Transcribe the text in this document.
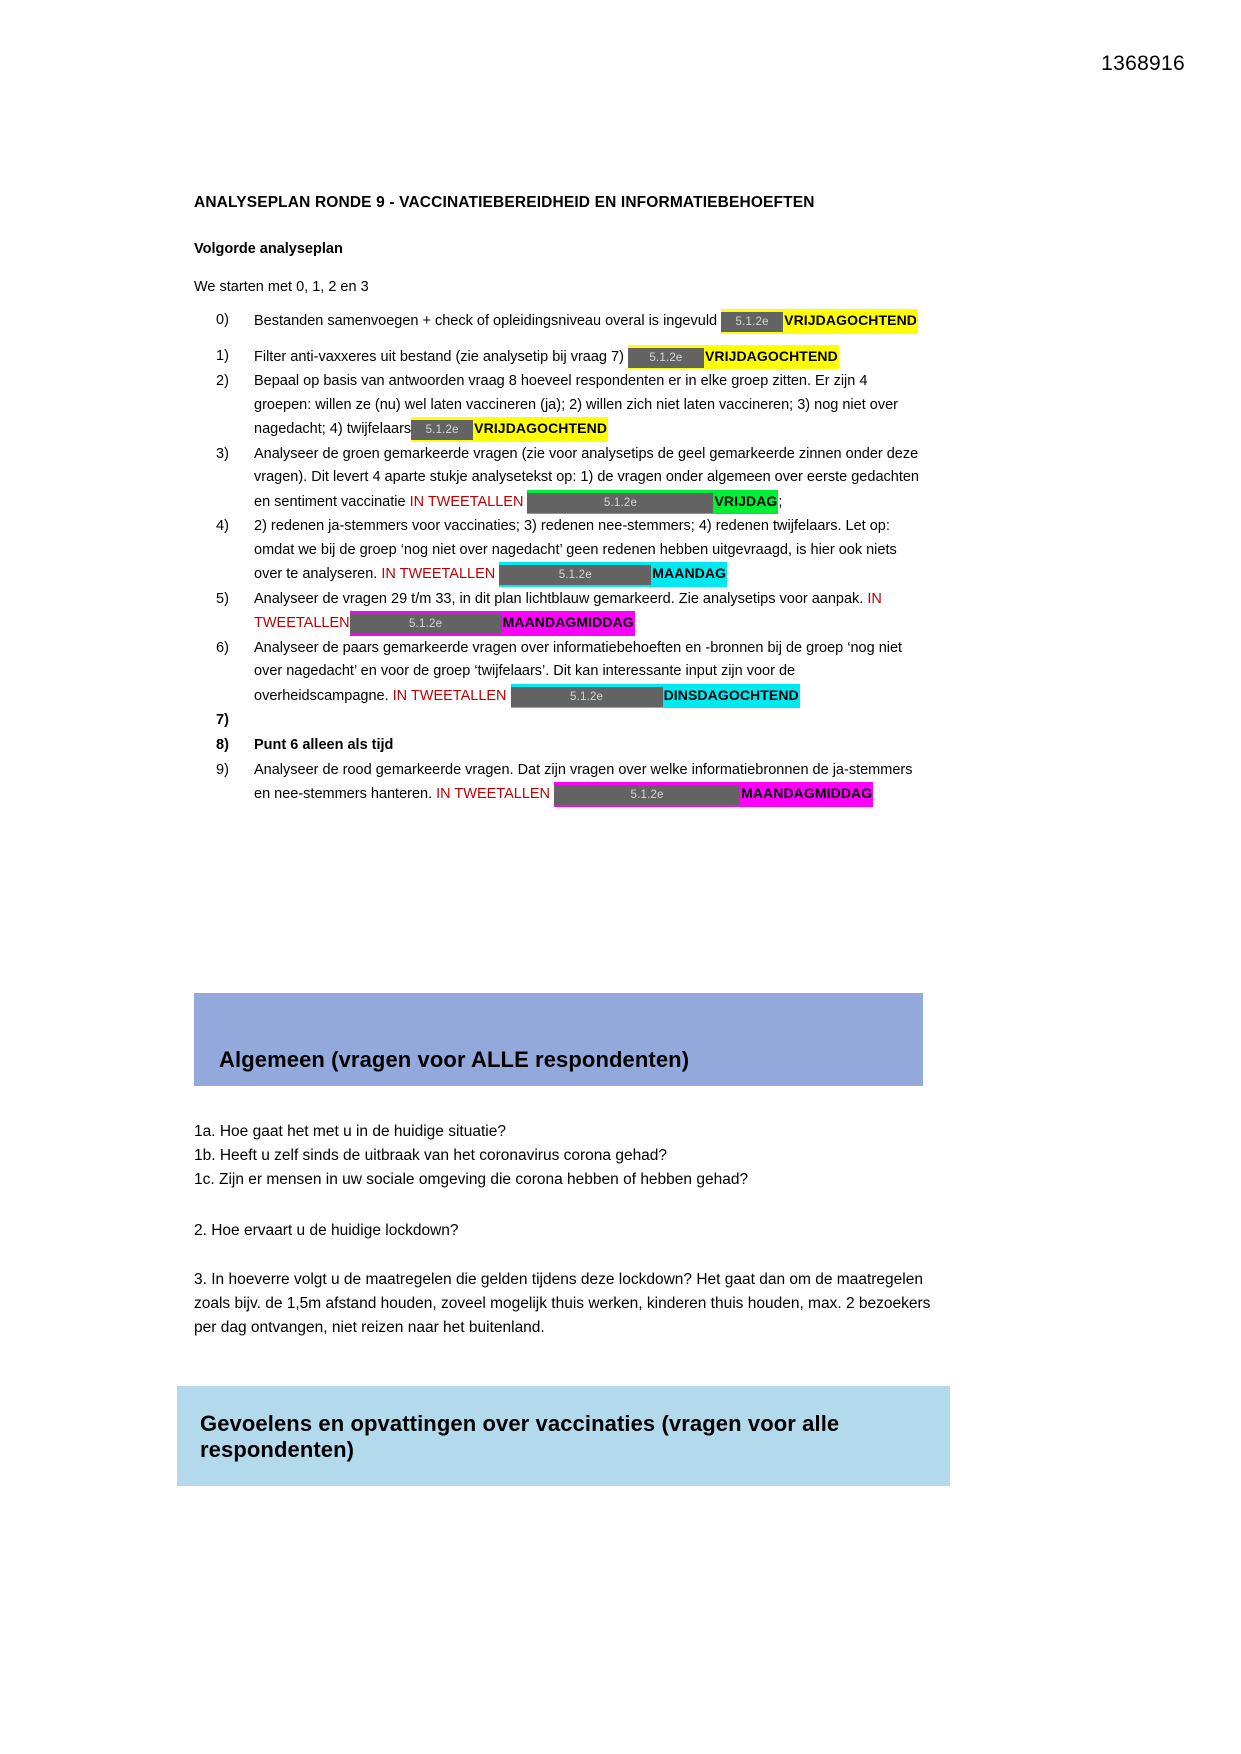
1368916
ANALYSEPLAN RONDE 9 - VACCINATIEBEREIDHEID EN INFORMATIEBEHOEFTEN
Volgorde analyseplan
We starten met 0, 1, 2 en 3
0) Bestanden samenvoegen + check of opleidingsniveau overal is ingevuld 5.1.2e VRIJDAGOCHTEND
1) Filter anti-vaxxeres uit bestand (zie analysetip bij vraag 7) 5.1.2e VRIJDAGOCHTEND
2) Bepaal op basis van antwoorden vraag 8 hoeveel respondenten er in elke groep zitten. Er zijn 4 groepen: willen ze (nu) wel laten vaccineren (ja); 2) willen zich niet laten vaccineren; 3) nog niet over nagedacht; 4) twijfelaars 5.1.2e VRIJDAGOCHTEND
3) Analyseer de groen gemarkeerde vragen (zie voor analysetips de geel gemarkeerde zinnen onder deze vragen). Dit levert 4 aparte stukje analysetekst op: 1) de vragen onder algemeen over eerste gedachten en sentiment vaccinatie IN TWEETALLEN	5.1.2e	VRIJDAG;
4) 2) redenen ja-stemmers voor vaccinaties; 3) redenen nee-stemmers; 4) redenen twijfelaars. Let op: omdat we bij de groep ‘nog niet over nagedacht’ geen redenen hebben uitgevraagd, is hier ook niets over te analyseren. IN TWEETALLEN	5.1.2e	MAANDAG
5) Analyseer de vragen 29 t/m 33, in dit plan lichtblauw gemarkeerd. Zie analysetips voor aanpak. IN TWEETALLEN	5.1.2e	MAANDAGMIDDAG
6) Analyseer de paars gemarkeerde vragen over informatiebehoeften en -bronnen bij de groep ‘nog niet over nagedacht’ en voor de groep ‘twijfelaars’. Dit kan interessante input zijn voor de overheidscampagne. IN TWEETALLEN	5.1.2e	DINSDAGOCHTEND
7)
8) Punt 6 alleen als tijd
9) Analyseer de rood gemarkeerde vragen. Dat zijn vragen over welke informatiebronnen de ja-stemmers en nee-stemmers hanteren. IN TWEETALLEN	5.1.2e	MAANDAGMIDDAG
Algemeen (vragen voor ALLE respondenten)

1a. Hoe gaat het met u in de huidige situatie?

1b. Heeft u zelf sinds de uitbraak van het coronavirus corona gehad?

1c. Zijn er mensen in uw sociale omgeving die corona hebben of hebben gehad?

2. Hoe ervaart u de huidige lockdown?

3. In hoeverre volgt u de maatregelen die gelden tijdens deze lockdown? Het gaat dan om de maatregelen zoals bijv. de 1,5m afstand houden, zoveel mogelijk thuis werken, kinderen thuis houden, max. 2 bezoekers per dag ontvangen, niet reizen naar het buitenland.

Gevoelens en opvattingen over vaccinaties (vragen voor alle respondenten)
